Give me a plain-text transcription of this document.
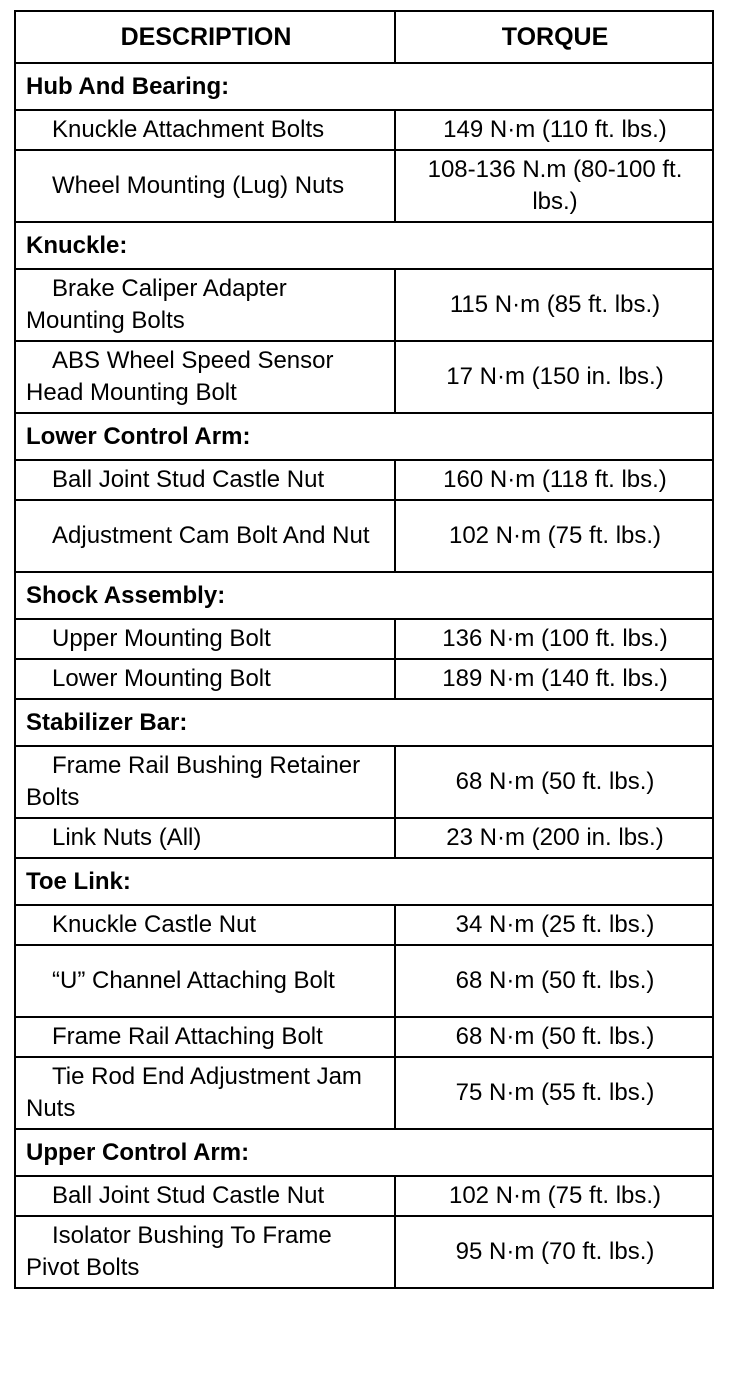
DESCRIPTION	TORQUE
Hub And Bearing:	
Knuckle Attachment Bolts	149 N·m (110 ft. lbs.)
Wheel Mounting (Lug) Nuts	108-136 N.m (80-100 ft. lbs.)
Knuckle:	
Brake Caliper Adapter Mounting Bolts	115 N·m (85 ft. lbs.)
ABS Wheel Speed Sensor Head Mounting Bolt	17 N·m (150 in. lbs.)
Lower Control Arm:	
Ball Joint Stud Castle Nut	160 N·m (118 ft. lbs.)
Adjustment Cam Bolt And Nut	102 N·m (75 ft. lbs.)
Shock Assembly:	
Upper Mounting Bolt	136 N·m (100 ft. lbs.)
Lower Mounting Bolt	189 N·m (140 ft. lbs.)
Stabilizer Bar:	
Frame Rail Bushing Retainer Bolts	68 N·m (50 ft. lbs.)
Link Nuts (All)	23 N·m (200 in. lbs.)
Toe Link:	
Knuckle Castle Nut	34 N·m (25 ft. lbs.)
“U” Channel Attaching Bolt	68 N·m (50 ft. lbs.)
Frame Rail Attaching Bolt	68 N·m (50 ft. lbs.)
Tie Rod End Adjustment Jam Nuts	75 N·m (55 ft. lbs.)
Upper Control Arm:	
Ball Joint Stud Castle Nut	102 N·m (75 ft. lbs.)
Isolator Bushing To Frame Pivot Bolts	95 N·m (70 ft. lbs.)
